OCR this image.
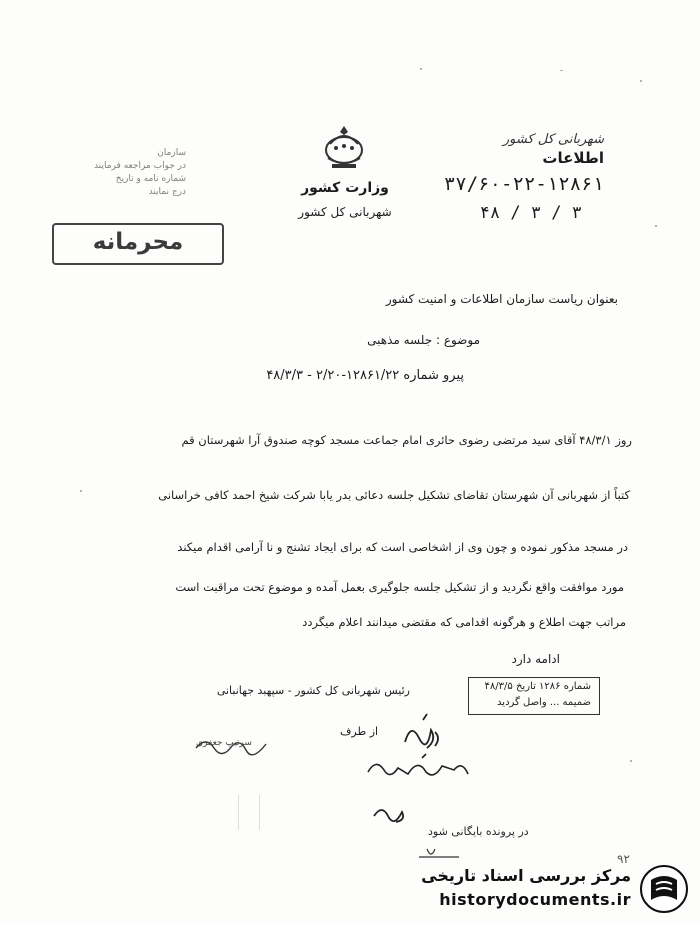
شهربانی کل کشور
اطلاعات
۳۷/۶۰-۲۲-۱۲۸۶۱
۴۸ / ۳ / ۳
وزارت کشور
شهربانی کل کشور
سازمان
در جواب مراجعه فرمایند
شماره نامه و تاریخ
درج نمایند
محرمانه
بعنوان ریاست سازمان اطلاعات و امنیت کشور
موضوع : جلسه مذهبی
پیرو شماره ۱۲۸۶۱/۲۲-۲/۲۰ - ۴۸/۳/۳
روز ۴۸/۳/۱ آقای سید مرتضی رضوی حائری امام جماعت مسجد کوچه صندوق آرا شهرستان قم
کتباً از شهربانی آن شهرستان تقاضای تشکیل جلسه دعائی بدر یابا شرکت شیخ احمد کافی خراسانی
در مسجد مذکور نموده و چون وی از اشخاصی است که برای ایجاد تشنج و نا آرامی اقدام میکند
مورد موافقت واقع نگردید و از تشکیل جلسه جلوگیری بعمل آمده و موضوع تحت مراقبت است
مراتب جهت اطلاع و هرگونه اقدامی که مقتضی میدانند اعلام میگردد
ادامه دارد
رئیس شهربانی کل کشور - سپهبد جهانبانی
سرتیپ جعفری
از طرف
شماره ۱۲۸۶ تاریخ ۴۸/۳/۵
ضمیمه ... واصل گردید
در پرونده بایگانی شود
۹۲
مرکز بررسی اسناد تاریخی
historydocuments.ir
